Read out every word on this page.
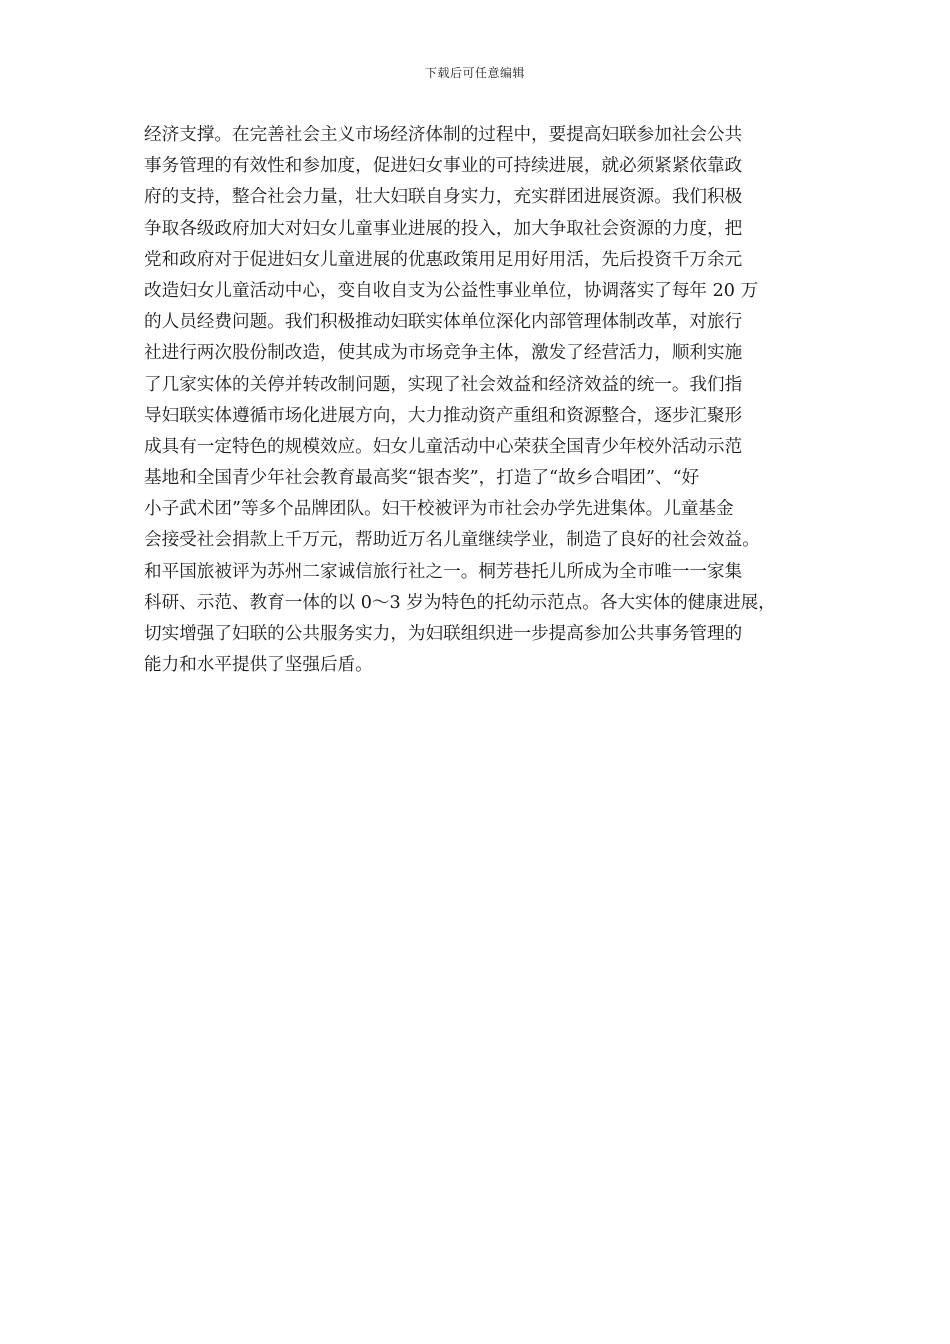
下载后可任意编辑
经济支撑。在完善社会主义市场经济体制的过程中，要提高妇联参加社会公共
事务管理的有效性和参加度，促进妇女事业的可持续进展，就必须紧紧依靠政
府的支持，整合社会力量，壮大妇联自身实力，充实群团进展资源。我们积极
争取各级政府加大对妇女儿童事业进展的投入，加大争取社会资源的力度，把
党和政府对于促进妇女儿童进展的优惠政策用足用好用活，先后投资千万余元
改造妇女儿童活动中心，变自收自支为公益性事业单位，协调落实了每年 20 万
的人员经费问题。我们积极推动妇联实体单位深化内部管理体制改革，对旅行
社进行两次股份制改造，使其成为市场竞争主体，激发了经营活力，顺利实施
了几家实体的关停并转改制问题，实现了社会效益和经济效益的统一。我们指
导妇联实体遵循市场化进展方向，大力推动资产重组和资源整合，逐步汇聚形
成具有一定特色的规模效应。妇女儿童活动中心荣获全国青少年校外活动示范
基地和全国青少年社会教育最高奖“银杏奖”，打造了“故乡合唱团”、“好
小子武术团”等多个品牌团队。妇干校被评为市社会办学先进集体。儿童基金
会接受社会捐款上千万元，帮助近万名儿童继续学业，制造了良好的社会效益。
和平国旅被评为苏州二家诚信旅行社之一。桐芳巷托儿所成为全市唯一一家集
科研、示范、教育一体的以 0～3 岁为特色的托幼示范点。各大实体的健康进展，
切实增强了妇联的公共服务实力，为妇联组织进一步提高参加公共事务管理的
能力和水平提供了坚强后盾。
